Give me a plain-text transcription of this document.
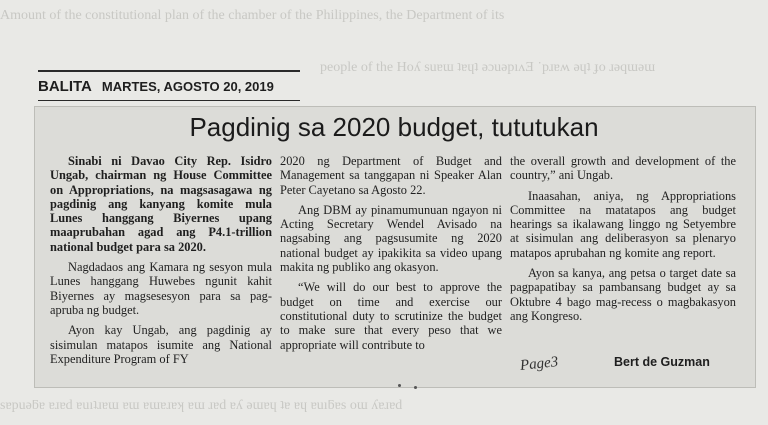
Amount of the constitutional plan of the chamber of the Philippines, the Department of its
people of the Hoʎ suɐɯ ʇɐɥʇ ǝɔuǝpıʌƎ ˙pɹɐʍ ǝɥʇ ɟo ɹǝqɯǝɯ
sɐpuǝƃɐ ɐɹɐd ɐuıʇɹɐɯ ɐɯ ɐɯɐɹɐʞ ɐɯ ɹɐd ɐʎ ǝɯɐɥ ʇɐ ɐɥ ɐuıƃɐs oɯ ʎɐɹɐd
BALITA MARTES, AGOSTO 20, 2019
Pagdinig sa 2020 budget, tututukan

Sinabi ni Davao City Rep. Isidro Ungab, chairman ng House Committee on Appropriations, na magsasagawa ng pagdinig ang kanyang komite mula Lunes hanggang Biyernes upang maaprubahan agad ang P4.1-trillion national budget para sa 2020.

Nagdadaos ang Kamara ng sesyon mula Lunes hanggang Huwebes ngunit kahit Biyernes ay magsesesyon para sa pag-apruba ng budget.

Ayon kay Ungab, ang pagdinig ay sisimulan matapos isumite ang National Expenditure Program of FY

2020 ng Department of Budget and Management sa tanggapan ni Speaker Alan Peter Cayetano sa Agosto 22.

Ang DBM ay pinamumunuan ngayon ni Acting Secretary Wendel Avisado na nagsabing ang pagsusumite ng 2020 national budget ay ipakikita sa video upang makita ng publiko ang okasyon.

“We will do our best to approve the budget on time and exercise our constitutional duty to scrutinize the budget to make sure that every peso that we appropriate will contribute to

the overall growth and development of the country,” ani Ungab.

Inaasahan, aniya, ng Appropriations Committee na matatapos ang budget hearings sa ikalawang linggo ng Setyembre at sisimulan ang deliberasyon sa plenaryo matapos aprubahan ng komite ang report.

Ayon sa kanya, ang petsa o target date sa pagpapatibay sa pambansang budget ay sa Oktubre 4 bago mag-recess o magbakasyon ang Kongreso.

Page3	Bert de Guzman
